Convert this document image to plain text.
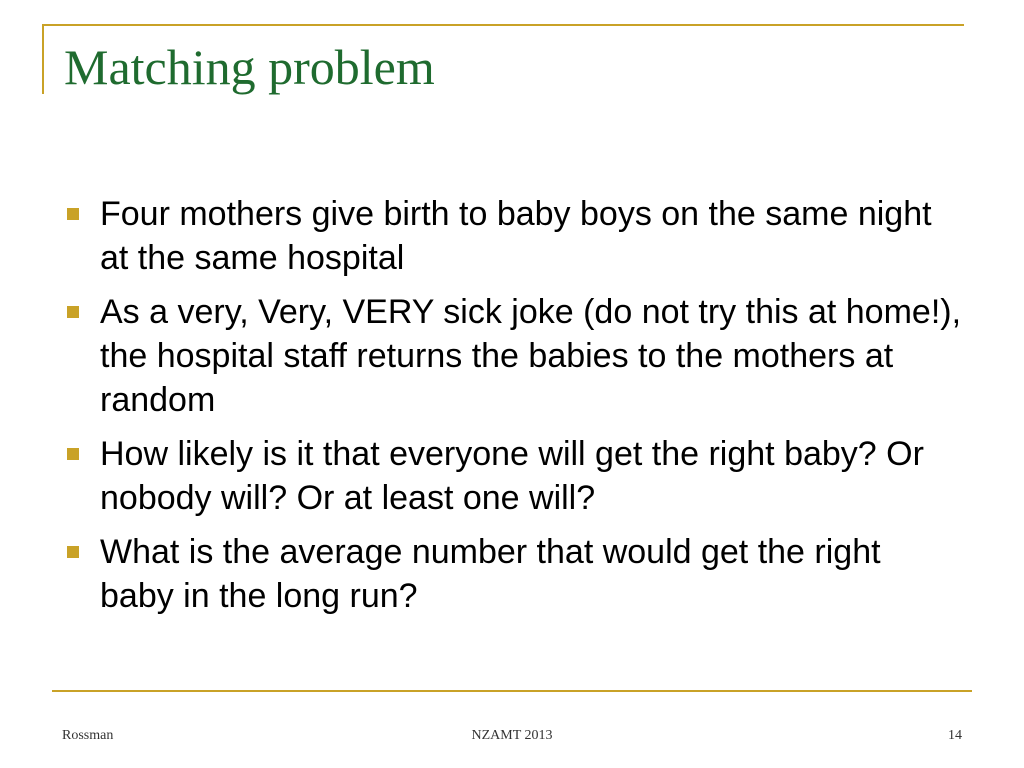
Matching problem
Four mothers give birth to baby boys on the same night at the same hospital
As a very, Very, VERY sick joke (do not try this at home!), the hospital staff returns the babies to the mothers at random
How likely is it that everyone will get the right baby? Or nobody will? Or at least one will?
What is the average number that would get the right baby in the long run?
Rossman	NZAMT 2013	14
